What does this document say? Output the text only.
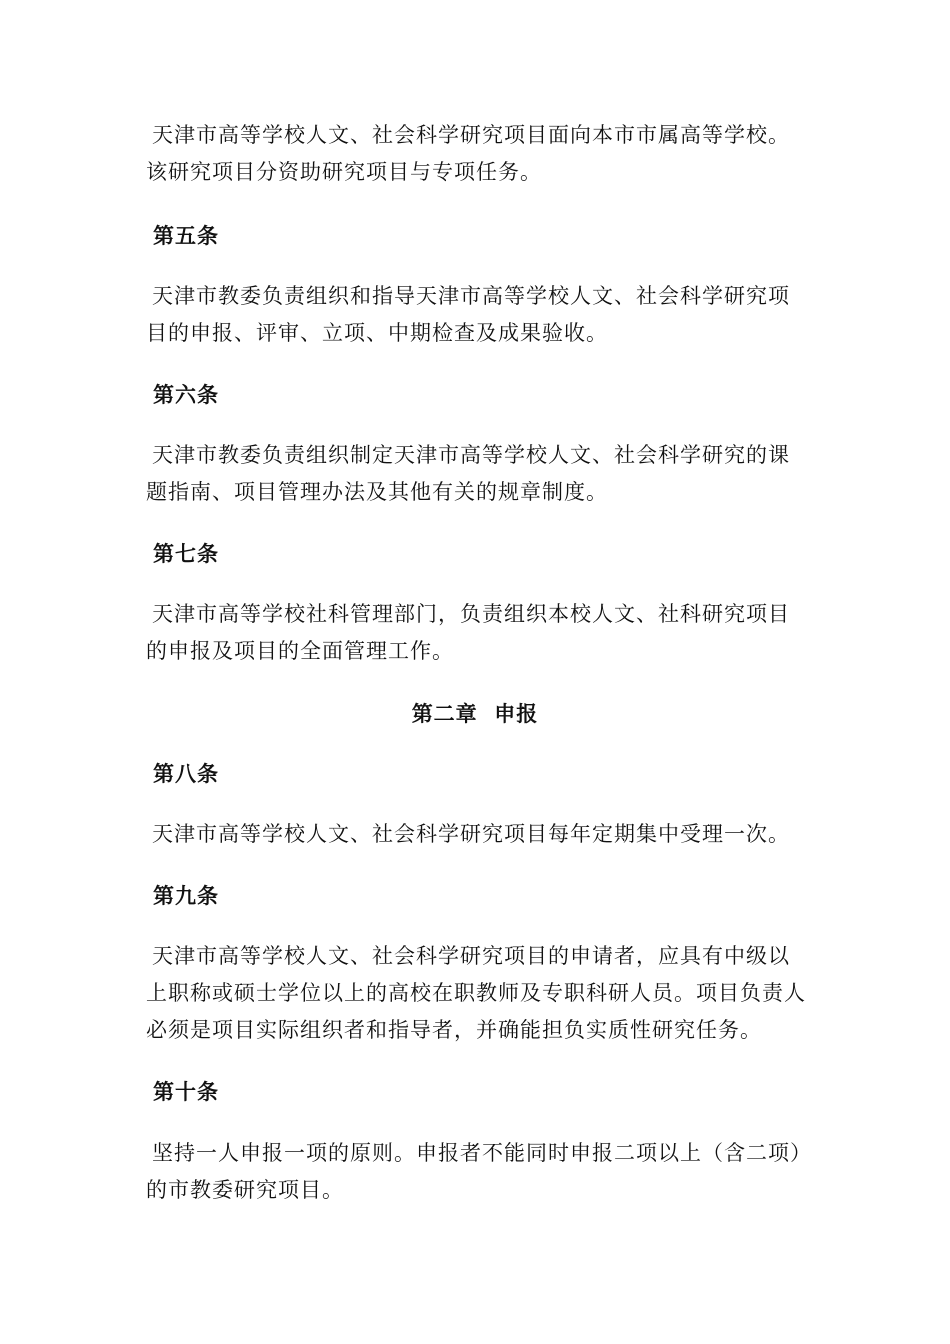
天津市高等学校人文、社会科学研究项目面向本市市属高等学校。该研究项目分资助研究项目与专项任务。

第五条

天津市教委负责组织和指导天津市高等学校人文、社会科学研究项目的申报、评审、立项、中期检查及成果验收。

第六条

天津市教委负责组织制定天津市高等学校人文、社会科学研究的课题指南、项目管理办法及其他有关的规章制度。

第七条

天津市高等学校社科管理部门，负责组织本校人文、社科研究项目的申报及项目的全面管理工作。

第二章  申报

第八条

天津市高等学校人文、社会科学研究项目每年定期集中受理一次。

第九条

天津市高等学校人文、社会科学研究项目的申请者，应具有中级以上职称或硕士学位以上的高校在职教师及专职科研人员。项目负责人必须是项目实际组织者和指导者，并确能担负实质性研究任务。

第十条

坚持一人申报一项的原则。申报者不能同时申报二项以上（含二项）的市教委研究项目。
